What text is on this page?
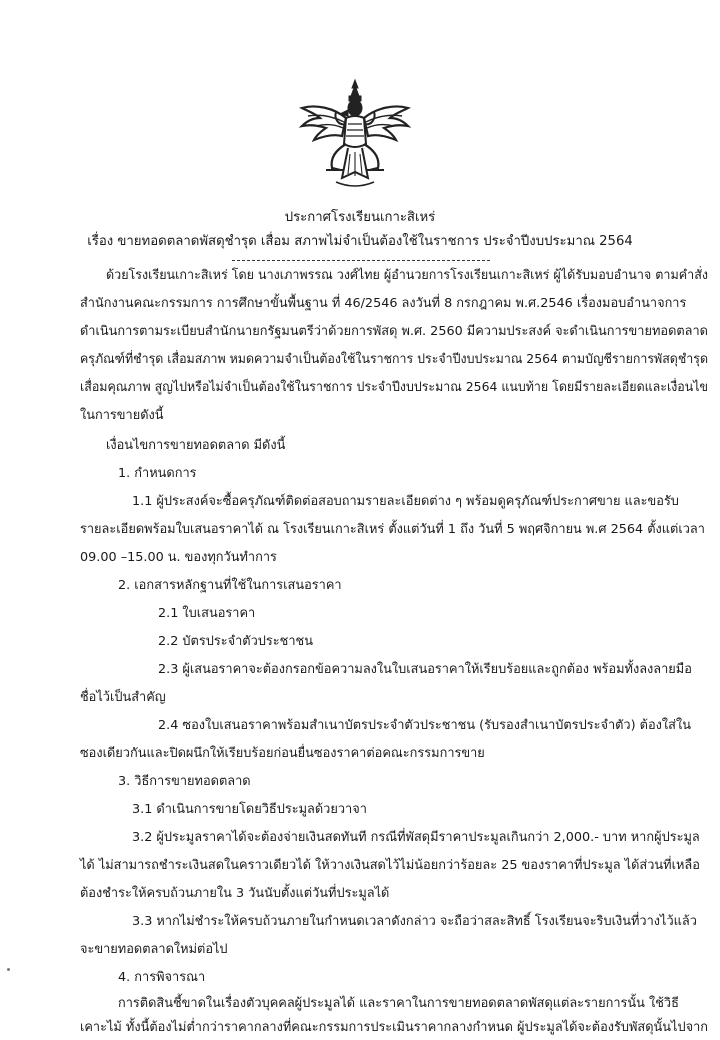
ประกาศโรงเรียนเกาะสิเหร่
เรื่อง ขายทอดตลาดพัสดุชำรุด เสื่อม สภาพไม่จำเป็นต้องใช้ในราชการ ประจำปีงบประมาณ 2564
ด้วยโรงเรียนเกาะสิเหร่ โดย นางเภาพรรณ วงศ์ไทย ผู้อำนวยการโรงเรียนเกาะสิเหร่ ผู้ได้รับมอบอำนาจ ตามคำสั่ง
สำนักงานคณะกรรมการ การศึกษาขั้นพื้นฐาน ที่ 46/2546 ลงวันที่ 8 กรกฎาคม พ.ศ.2546 เรื่องมอบอำนาจการ
ดำเนินการตามระเบียบสำนักนายกรัฐมนตรีว่าด้วยการพัสดุ พ.ศ. 2560 มีความประสงค์ จะดำเนินการขายทอดตลาด
ครุภัณฑ์ที่ชำรุด เสื่อมสภาพ หมดความจำเป็นต้องใช้ในราชการ ประจำปีงบประมาณ 2564 ตามบัญชีรายการพัสดุชำรุด
เสื่อมคุณภาพ สูญไปหรือไม่จำเป็นต้องใช้ในราชการ ประจำปีงบประมาณ 2564 แนบท้าย โดยมีรายละเอียดและเงื่อนไข
ในการขายดังนี้
เงื่อนไขการขายทอดตลาด มีดังนี้
1. กำหนดการ
1.1 ผู้ประสงค์จะซื้อครุภัณฑ์ติดต่อสอบถามรายละเอียดต่าง ๆ พร้อมดูครุภัณฑ์ประกาศขาย และขอรับ
รายละเอียดพร้อมใบเสนอราคาได้ ณ โรงเรียนเกาะสิเหร่ ตั้งแต่วันที่ 1 ถึง วันที่ 5 พฤศจิกายน พ.ศ 2564 ตั้งแต่เวลา
09.00 –15.00 น. ของทุกวันทำการ
2. เอกสารหลักฐานที่ใช้ในการเสนอราคา
2.1 ใบเสนอราคา
2.2 บัตรประจำตัวประชาชน
2.3 ผู้เสนอราคาจะต้องกรอกข้อความลงในใบเสนอราคาให้เรียบร้อยและถูกต้อง พร้อมทั้งลงลายมือ
ชื่อไว้เป็นสำคัญ
2.4 ซองใบเสนอราคาพร้อมสำเนาบัตรประจำตัวประชาชน (รับรองสำเนาบัตรประจำตัว) ต้องใส่ใน
ซองเดียวกันและปิดผนึกให้เรียบร้อยก่อนยื่นซองราคาต่อคณะกรรมการขาย
3. วิธีการขายทอดตลาด
3.1 ดำเนินการขายโดยวิธีประมูลด้วยวาจา
3.2 ผู้ประมูลราคาได้จะต้องจ่ายเงินสดทันที กรณีที่พัสดุมีราคาประมูลเกินกว่า 2,000.- บาท หากผู้ประมูล
ได้ ไม่สามารถชำระเงินสดในคราวเดียวได้ ให้วางเงินสดไว้ไม่น้อยกว่าร้อยละ 25 ของราคาที่ประมูล ได้ส่วนที่เหลือ
ต้องชำระให้ครบถ้วนภายใน 3 วันนับตั้งแต่วันที่ประมูลได้
3.3 หากไม่ชำระให้ครบถ้วนภายในกำหนดเวลาดังกล่าว จะถือว่าสละสิทธิ์ โรงเรียนจะริบเงินที่วางไว้แล้ว
จะขายทอดตลาดใหม่ต่อไป
4. การพิจารณา
การติดสินชี้ขาดในเรื่องตัวบุคคลผู้ประมูลได้ และราคาในการขายทอดตลาดพัสดุแต่ละรายการนั้น ใช้วิธี
เคาะไม้ ทั้งนี้ต้องไม่ต่ำกว่าราคากลางที่คณะกรรมการประเมินราคากลางกำหนด ผู้ประมูลได้จะต้องรับพัสดุนั้นไปจาก
